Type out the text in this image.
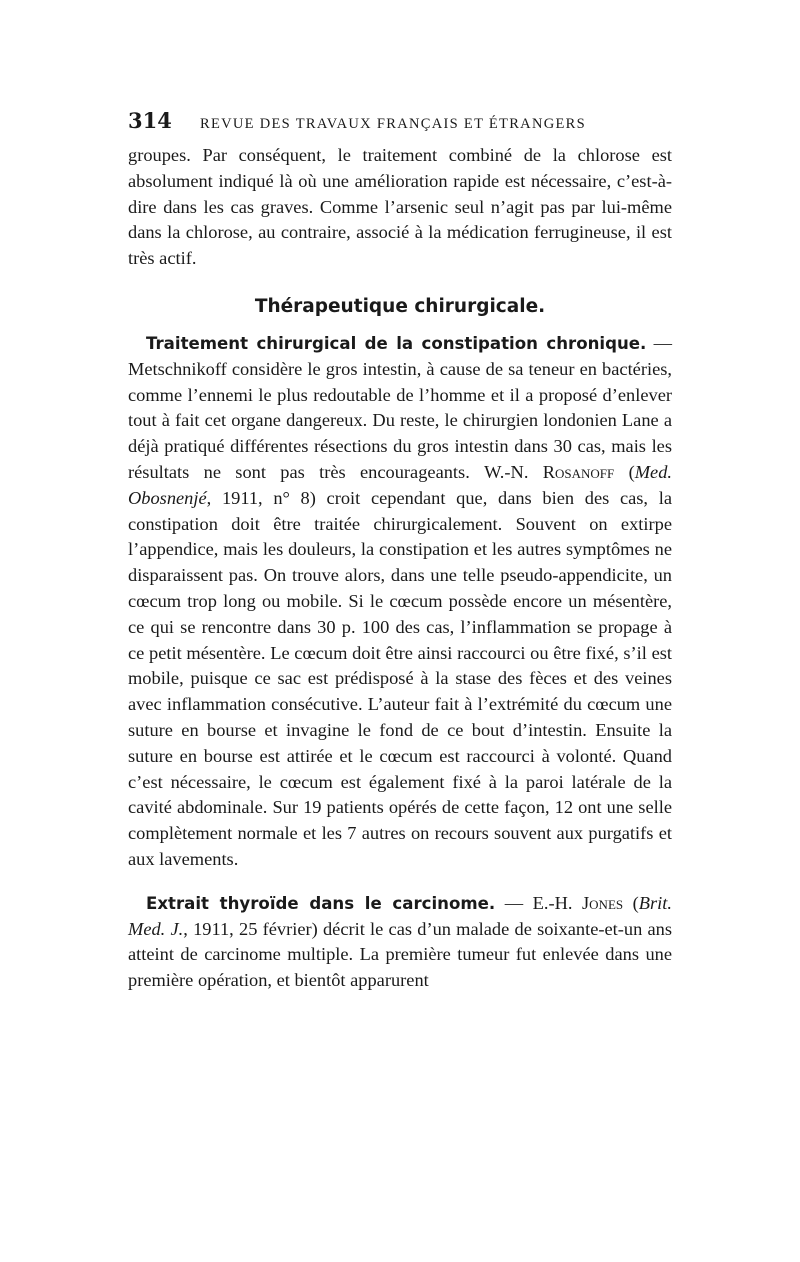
314	REVUE DES TRAVAUX FRANÇAIS ET ÉTRANGERS

groupes. Par conséquent, le traitement combiné de la chlorose est absolument indiqué là où une amélioration rapide est nécessaire, c’est-à-dire dans les cas graves. Comme l’arsenic seul n’agit pas par lui-même dans la chlorose, au contraire, associé à la médication ferrugineuse, il est très actif.

Thérapeutique chirurgicale.

Traitement chirurgical de la constipation chronique. — Metschnikoff considère le gros intestin, à cause de sa teneur en bactéries, comme l’ennemi le plus redoutable de l’homme et il a proposé d’enlever tout à fait cet organe dangereux. Du reste, le chirurgien londonien Lane a déjà pratiqué différentes résections du gros intestin dans 30 cas, mais les résultats ne sont pas très encourageants. W.-N. Rosanoff (Med. Obosnenjé, 1911, n° 8) croit cependant que, dans bien des cas, la constipation doit être traitée chirurgicalement. Souvent on extirpe l’appendice, mais les douleurs, la constipation et les autres symptômes ne disparaissent pas. On trouve alors, dans une telle pseudo-appendicite, un cœcum trop long ou mobile. Si le cœcum possède encore un mésentère, ce qui se rencontre dans 30 p. 100 des cas, l’inflammation se propage à ce petit mésentère. Le cœcum doit être ainsi raccourci ou être fixé, s’il est mobile, puisque ce sac est prédisposé à la stase des fèces et des veines avec inflammation consécutive. L’auteur fait à l’extrémité du cœcum une suture en bourse et invagine le fond de ce bout d’intestin. Ensuite la suture en bourse est attirée et le cœcum est raccourci à volonté. Quand c’est nécessaire, le cœcum est également fixé à la paroi latérale de la cavité abdominale. Sur 19 patients opérés de cette façon, 12 ont une selle complètement normale et les 7 autres on recours souvent aux purgatifs et aux lavements.

Extrait thyroïde dans le carcinome. — E.-H. Jones (Brit. Med. J., 1911, 25 février) décrit le cas d’un malade de soixante-et-un ans atteint de carcinome multiple. La première tumeur fut enlevée dans une première opération, et bientôt apparurent
